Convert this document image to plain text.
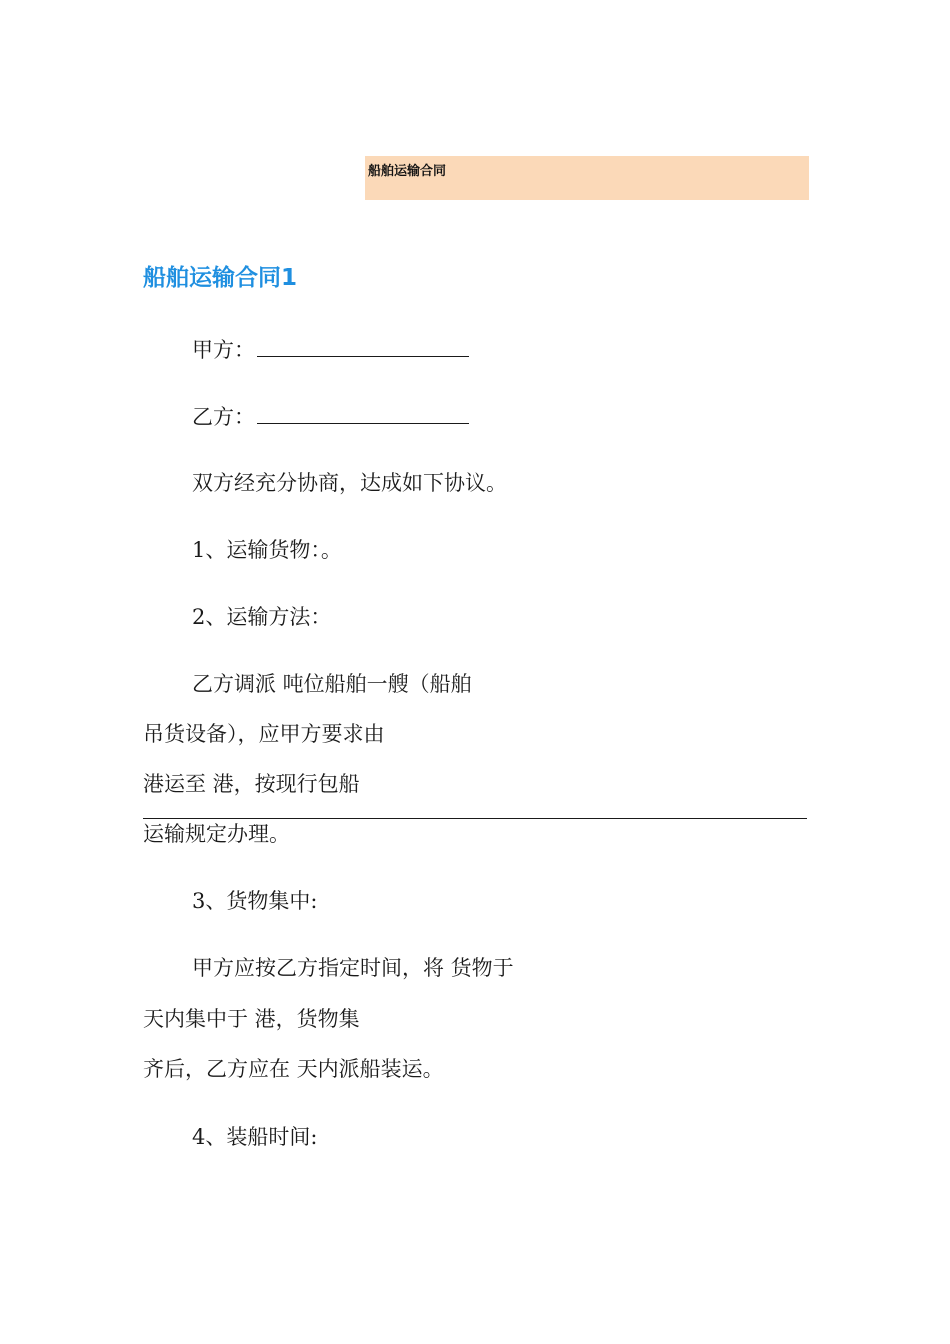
船舶运输合同
船舶运输合同1
甲方：
乙方：
双方经充分协商，达成如下协议。
1、运输货物：。
2、运输方法：
乙方调派 吨位船舶一艘（船舶
吊货设备），应甲方要求由
港运至 港，按现行包船
运输规定办理。
3、货物集中:
甲方应按乙方指定时间，将 货物于
天内集中于 港，货物集
齐后，乙方应在 天内派船装运。
4、装船时间:
